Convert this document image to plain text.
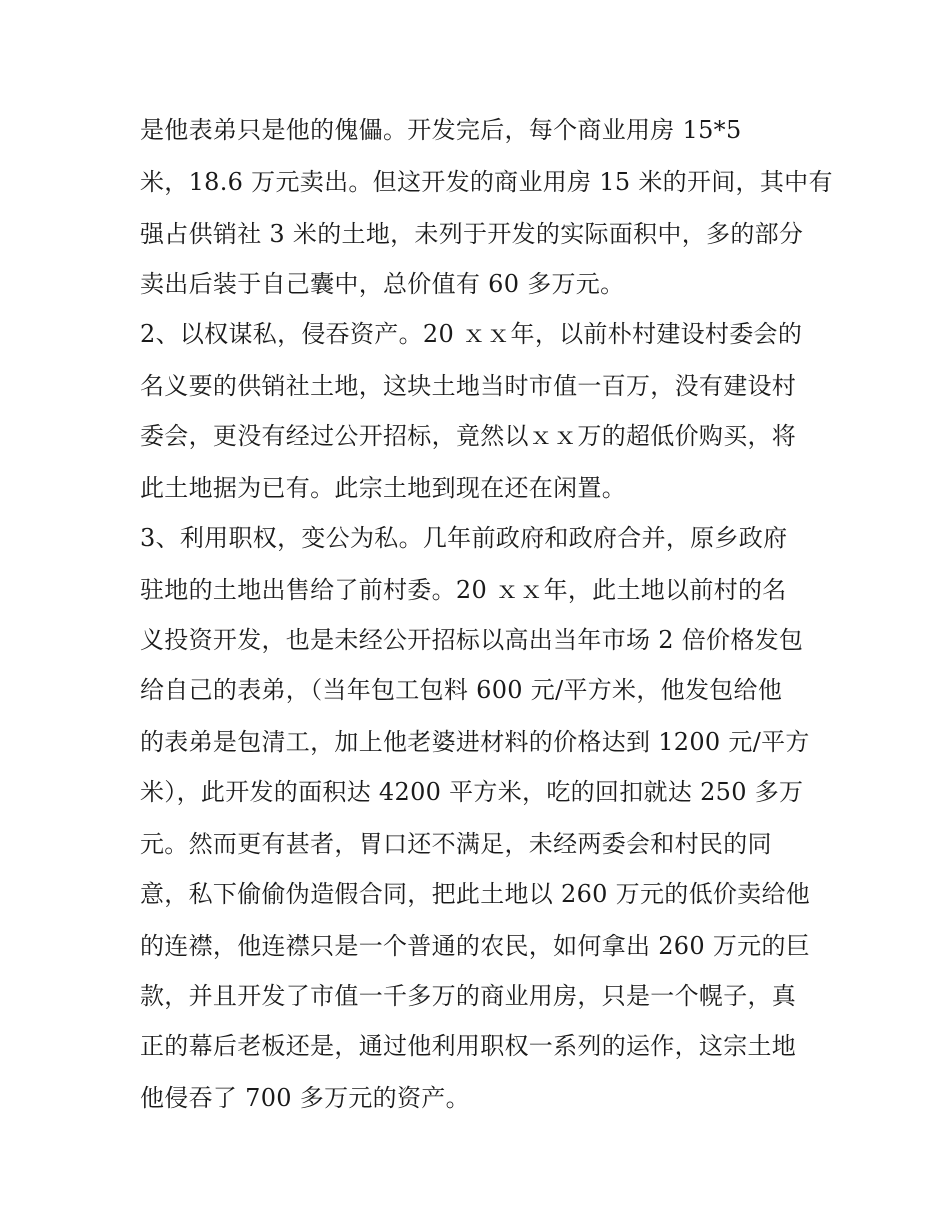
是他表弟只是他的傀儡。开发完后，每个商业用房 15*5
米，18.6 万元卖出。但这开发的商业用房 15 米的开间，其中有
强占供销社 3 米的土地，未列于开发的实际面积中，多的部分
卖出后装于自己囊中，总价值有 60 多万元。
2、以权谋私，侵吞资产。20 ｘｘ年，以前朴村建设村委会的
名义要的供销社土地，这块土地当时市值一百万，没有建设村
委会，更没有经过公开招标，竟然以ｘｘ万的超低价购买，将
此土地据为已有。此宗土地到现在还在闲置。
3、利用职权，变公为私。几年前政府和政府合并，原乡政府
驻地的土地出售给了前村委。20 ｘｘ年，此土地以前村的名
义投资开发，也是未经公开招标以高出当年市场 2 倍价格发包
给自己的表弟，（当年包工包料 600 元/平方米，他发包给他
的表弟是包清工，加上他老婆进材料的价格达到 1200 元/平方
米），此开发的面积达 4200 平方米，吃的回扣就达 250 多万
元。然而更有甚者，胃口还不满足，未经两委会和村民的同
意，私下偷偷伪造假合同，把此土地以 260 万元的低价卖给他
的连襟，他连襟只是一个普通的农民，如何拿出 260 万元的巨
款，并且开发了市值一千多万的商业用房，只是一个幌子，真
正的幕后老板还是，通过他利用职权一系列的运作，这宗土地
他侵吞了 700 多万元的资产。
